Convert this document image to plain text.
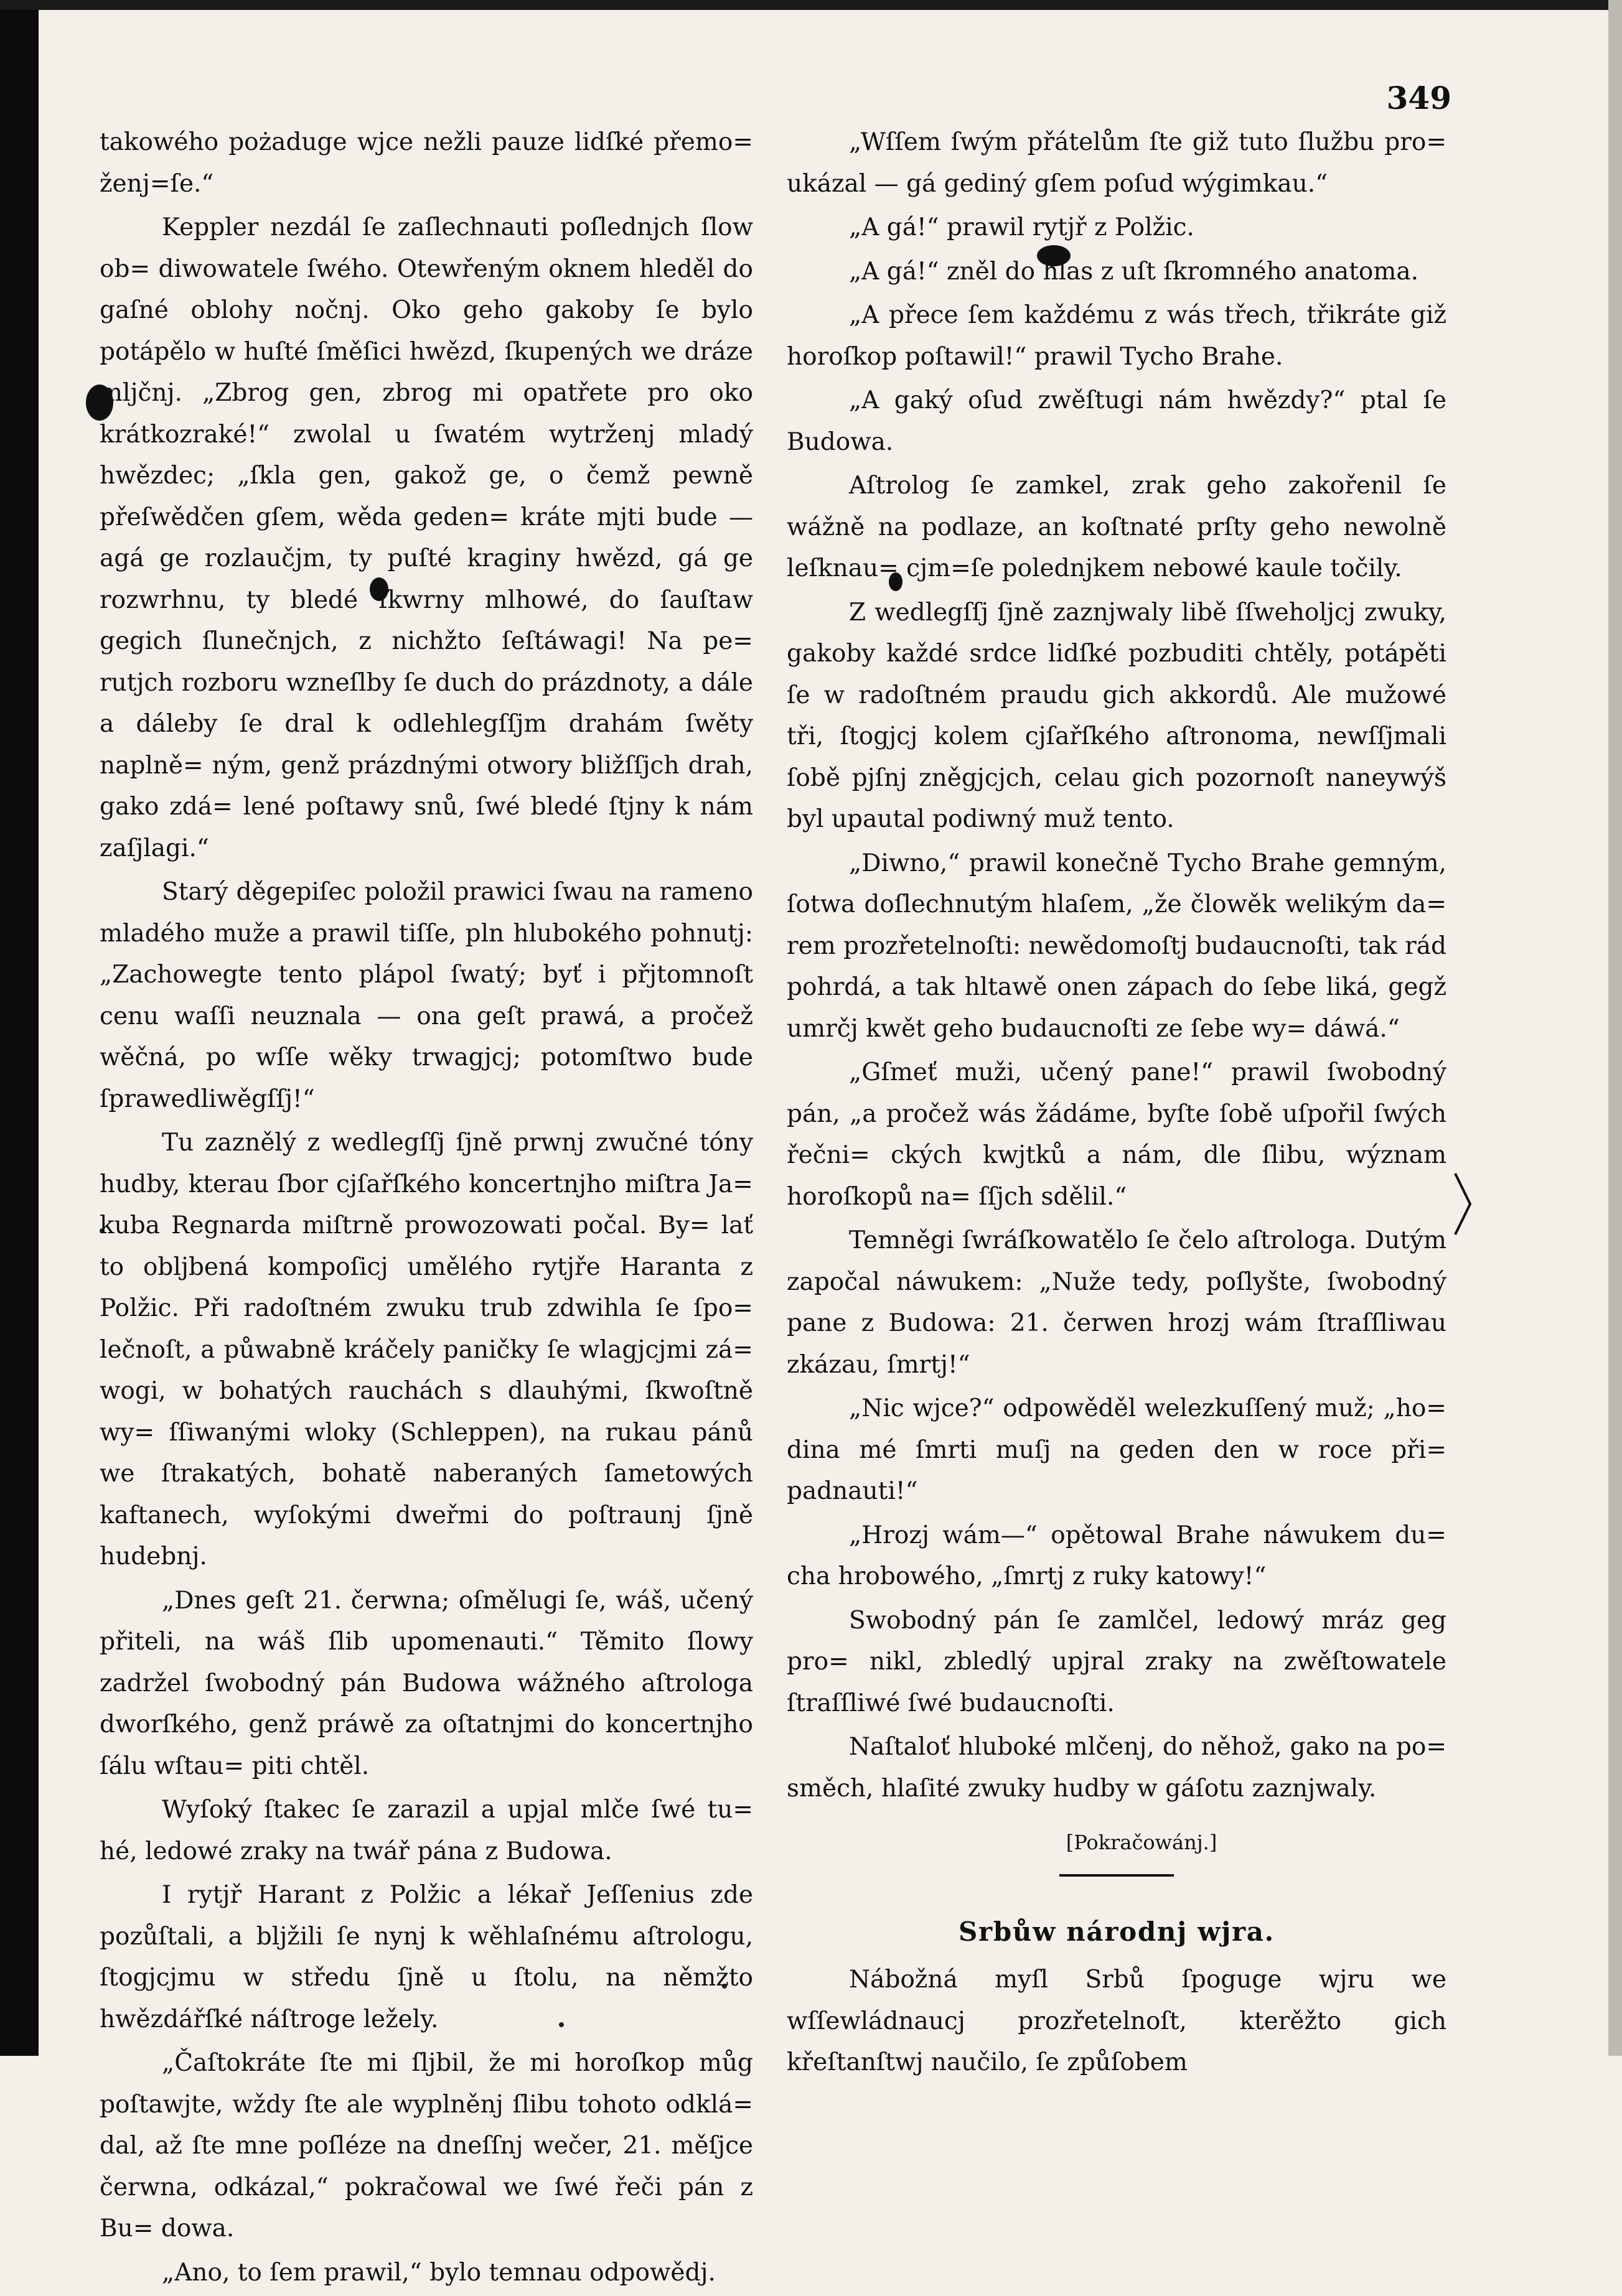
349

takowého pożaduge wjce nežli pauze lidſké přemo= ženj=ſe.“

Keppler nezdál ſe zaſlechnauti poſlednjch ſlow ob= diwowatele ſwého. Otewřeným oknem hleděl do gaſné oblohy nočnj. Oko geho gakoby ſe bylo potápělo w huſté ſměſici hwězd, ſkupených we dráze mljčnj. „Zbrog gen, zbrog mi opatřete pro oko krátkozraké!“ zwolal u ſwatém wytrženj mladý hwězdec; „ſkla gen, gakož ge, o čemž pewně přeſwědčen gſem, wěda geden= kráte mjti bude — agá ge rozlaučjm, ty puſté kraginy hwězd, gá ge rozwrhnu, ty bledé ſkwrny mlhowé, do ſauſtaw gegich ſlunečnjch, z nichžto ſeſtáwagi! Na pe= rutjch rozboru wzneſlby ſe duch do prázdnoty, a dále a dáleby ſe dral k odlehlegſſjm drahám ſwěty naplně= ným, genž prázdnými otwory bližſſjch drah, gako zdá= lené poſtawy snů, ſwé bledé ſtjny k nám zaſjlagi.“

Starý děgepiſec položil prawici ſwau na rameno mladého muže a prawil tiſſe, pln hlubokého pohnutj: „Zachowegte tento plápol ſwatý; byť i přjtomnoſt cenu waſſi neuznala — ona geſt prawá, a pročež wěčná, po wſſe wěky trwagjcj; potomſtwo bude ſprawedliwěgſſj!“

Tu zaznělý z wedlegſſj ſjně prwnj zwučné tóny hudby, kterau ſbor cjſařſkého koncertnjho miſtra Ja= kuba Regnarda miſtrně prowozowati počal. By= lať to oblјbená kompoſicj umělého rytjře Haranta z Polžic. Při radoſtném zwuku trub zdwihla ſe ſpo= lečnoſt, a půwabně kráčely paničky ſe wlagjcjmi zá= wogi, w bohatých rauchách s dlauhými, ſkwoſtně wy= ſſiwanými wloky (Schleppen), na rukau pánů we ſtrakatých, bohatě naberaných ſametowých kaftanech, wyſokými dweřmi do poſtraunj ſjně hudebnj.

„Dnes geſt 21. čerwna; oſmělugi ſe, wáš, učený přiteli, na wáš ſlib upomenauti.“ Těmito ſlowy zadržel ſwobodný pán Budowa wážného aſtrologa dworſkého, genž práwě za oſtatnjmi do koncertnjho ſálu wſtau= piti chtěl.

Wyſoký ſtakec ſe zarazil a upjal mlče ſwé tu= hé, ledowé zraky na twář pána z Budowa.

I rytjř Harant z Polžic a lékař Jeſſenius zde pozůſtali, a blјžili ſe nynj k wěhlaſnému aſtrologu, ſtogjcjmu w středu ſjně u ſtolu, na němžto hwězdářſké náſtroge ležely.

„Čaſtokráte ſte mi ſlјbil, že mi horoſkop můg poſtawjte, wždy ſte ale wyplněnj ſlibu tohoto odklá= dal, až ſte mne poſléze na dneſſnj wečer, 21. měſjce čerwna, odkázal,“ pokračowal we ſwé řeči pán z Bu= dowa.

„Ano, to ſem prawil,“ bylo temnau odpowědj.

„Wſſem ſwým přátelům ſte giž tuto ſlužbu pro= ukázal — gá gediný gſem poſud wýgimkau.“

„A gá!“ prawil rytjř z Polžic.

„A gá!“ zněl do hlas z uſt ſkromného anatoma.

„A přece ſem každému z wás třech, třikráte giž horoſkop poſtawil!“ prawil Tycho Brahe.

„A gaký oſud zwěſtugi nám hwězdy?“ ptal ſe Budowa.

Aſtrolog ſe zamkel, zrak geho zakořenil ſe wážně na podlaze, an koſtnaté prſty geho newolně leſknau= cjm=ſe polednjkem nebowé kaule točily.

Z wedlegſſj ſjně zaznjwaly libě ſſweholjcj zwuky, gakoby každé srdce lidſké pozbuditi chtěly, potápěti ſe w radoſtném praudu gich akkordů. Ale mužowé tři, ſtogjcj kolem cjſařſkého aſtronoma, newſſjmali ſobě pjſnj zněgjcjch, celau gich pozornoſt naneywýš byl upautal podiwný muž tento.

„Diwno,“ prawil konečně Tycho Brahe gemným, ſotwa doſlechnutým hlaſem, „že člowěk welikým da= rem prozřetelnoſti: newědomoſtj budaucnoſti, tak rád pohrdá, a tak hltawě onen zápach do ſebe liká, gegž umrčj kwět geho budaucnoſti ze ſebe wy= dáwá.“

„Gſmeť muži, učený pane!“ prawil ſwobodný pán, „a pročež wás žádáme, byſte ſobě uſpořil ſwých řečni= ckých kwjtků a nám, dle ſlibu, wýznam horoſkopů na= ſſjch sdělil.“

Temněgi ſwráſkowatělo ſe čelo aſtrologa. Dutým započal náwukem: „Nuže tedy, poſlyšte, ſwobodný pane z Budowa: 21. čerwen hrozj wám ſtraſſliwau zkázau, ſmrtj!“

„Nic wjce?“ odpowěděl welezkuſſený muž; „ho= dina mé ſmrti muſj na geden den w roce při= padnauti!“

„Hrozj wám—“ opětowal Brahe náwukem du= cha hrobowého, „ſmrtj z ruky katowy!“

Swobodný pán ſe zamlčel, ledowý mráz geg pro= nikl, zbledlý upjral zraky na zwěſtowatele ſtraſſliwé ſwé budaucnoſti.

Naſtaloť hluboké mlčenj, do něhož, gako na po= směch, hlaſité zwuky hudby w gáſotu zaznjwaly.

[Pokračowánj.]
Srbůw národnj wjra.

Nábožná myſl Srbů ſpoguge wjru we wſſewládnaucj prozřetelnoſt, kterěžto gich křeſtanſtwj naučilo, ſe způſobem
